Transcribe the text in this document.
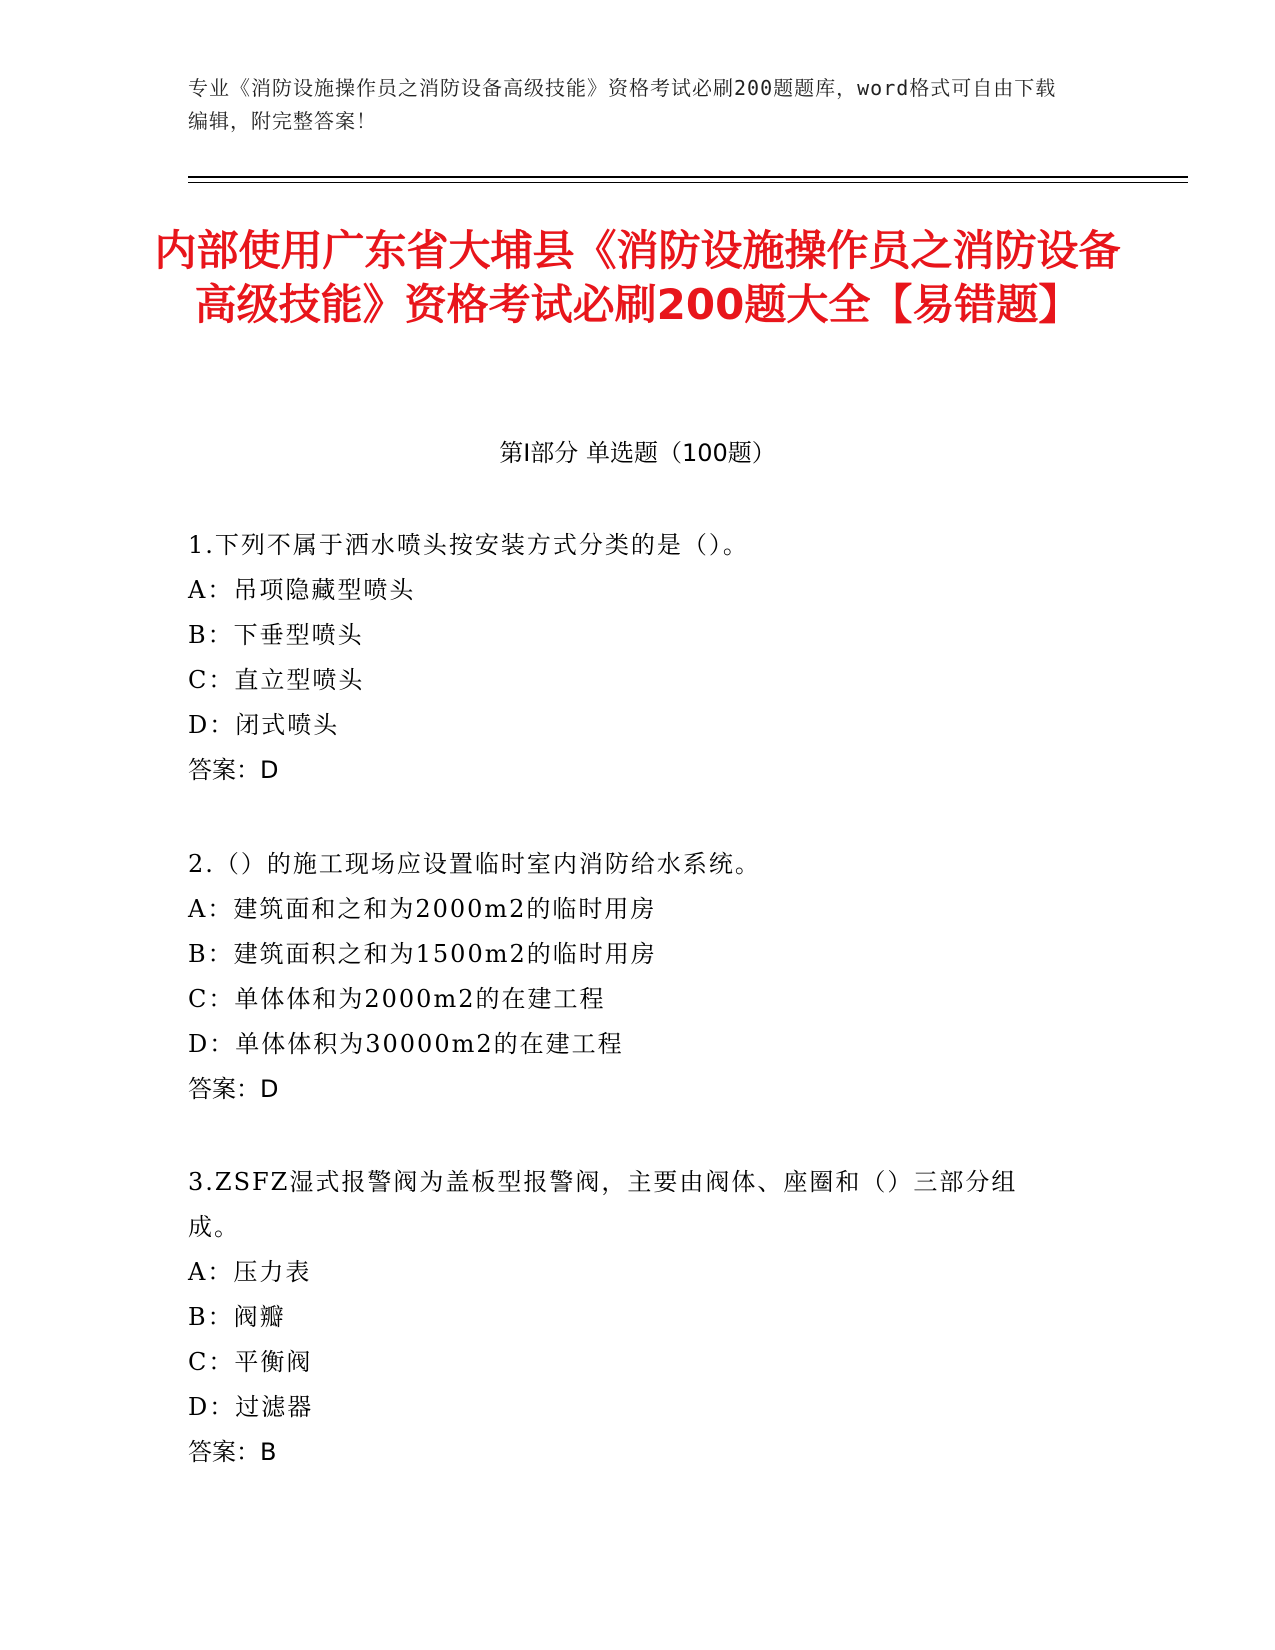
专业《消防设施操作员之消防设备高级技能》资格考试必刷200题题库，word格式可自由下载编辑，附完整答案！
内部使用广东省大埔县《消防设施操作员之消防设备高级技能》资格考试必刷200题大全【易错题】
第Ⅰ部分 单选题（100题）
1.下列不属于洒水喷头按安装方式分类的是（）。
A：吊项隐藏型喷头
B：下垂型喷头
C：直立型喷头
D：闭式喷头
答案：D
2.（）的施工现场应设置临时室内消防给水系统。
A：建筑面和之和为2000m2的临时用房
B：建筑面积之和为1500m2的临时用房
C：单体体和为2000m2的在建工程
D：单体体积为30000m2的在建工程
答案：D
3.ZSFZ湿式报警阀为盖板型报警阀，主要由阀体、座圈和（）三部分组成。
A：压力表
B：阀瓣
C：平衡阀
D：过滤器
答案：B
